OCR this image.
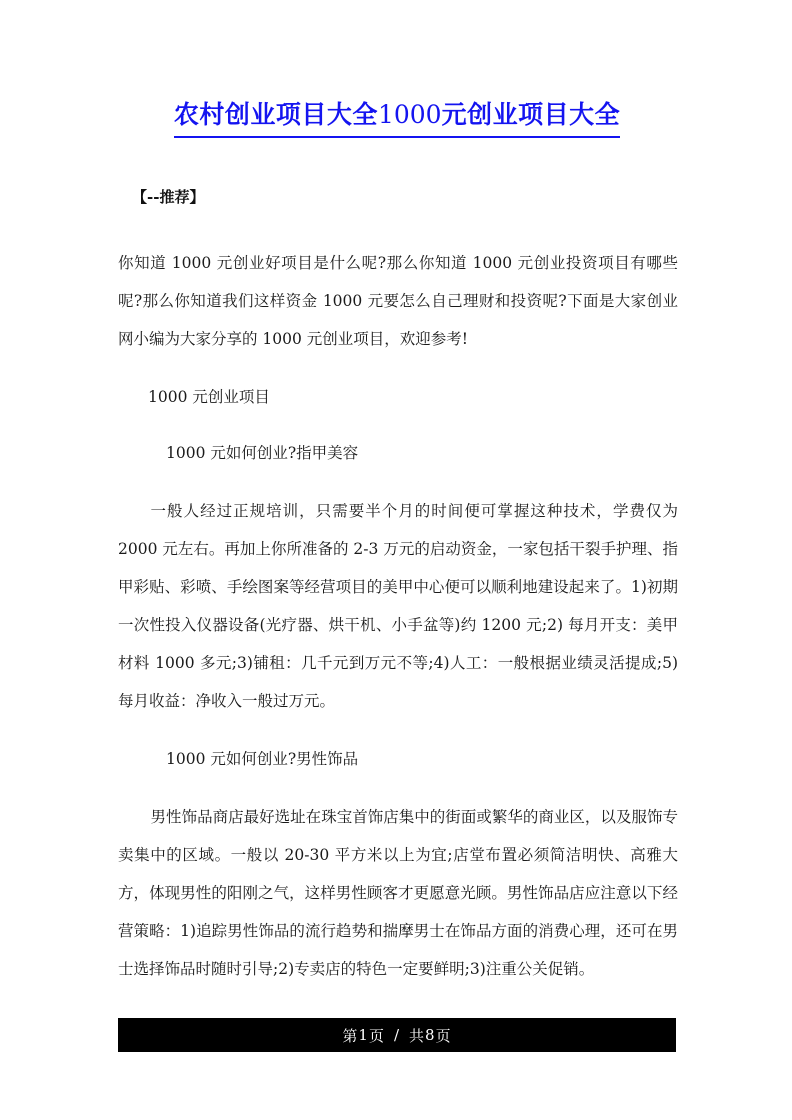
农村创业项目大全1000元创业项目大全

【--推荐】

你知道 1000 元创业好项目是什么呢?那么你知道 1000 元创业投资项目有哪些呢?那么你知道我们这样资金 1000 元要怎么自己理财和投资呢?下面是大家创业网小编为大家分享的 1000 元创业项目，欢迎参考!

1000 元创业项目

1000 元如何创业?指甲美容

一般人经过正规培训，只需要半个月的时间便可掌握这种技术，学费仅为 2000 元左右。再加上你所准备的 2-3 万元的启动资金，一家包括干裂手护理、指甲彩贴、彩喷、手绘图案等经营项目的美甲中心便可以顺利地建设起来了。1)初期一次性投入仪器设备(光疗器、烘干机、小手盆等)约 1200 元;2) 每月开支：美甲材料 1000 多元;3)铺租：几千元到万元不等;4)人工：一般根据业绩灵活提成;5)每月收益：净收入一般过万元。

1000 元如何创业?男性饰品

男性饰品商店最好选址在珠宝首饰店集中的街面或繁华的商业区，以及服饰专卖集中的区域。一般以 20-30 平方米以上为宜;店堂布置必须简洁明快、高雅大方，体现男性的阳刚之气，这样男性顾客才更愿意光顾。男性饰品店应注意以下经营策略：1)追踪男性饰品的流行趋势和揣摩男士在饰品方面的消费心理，还可在男士选择饰品时随时引导;2)专卖店的特色一定要鲜明;3)注重公关促销。

第 1 页 / 共 8 页
